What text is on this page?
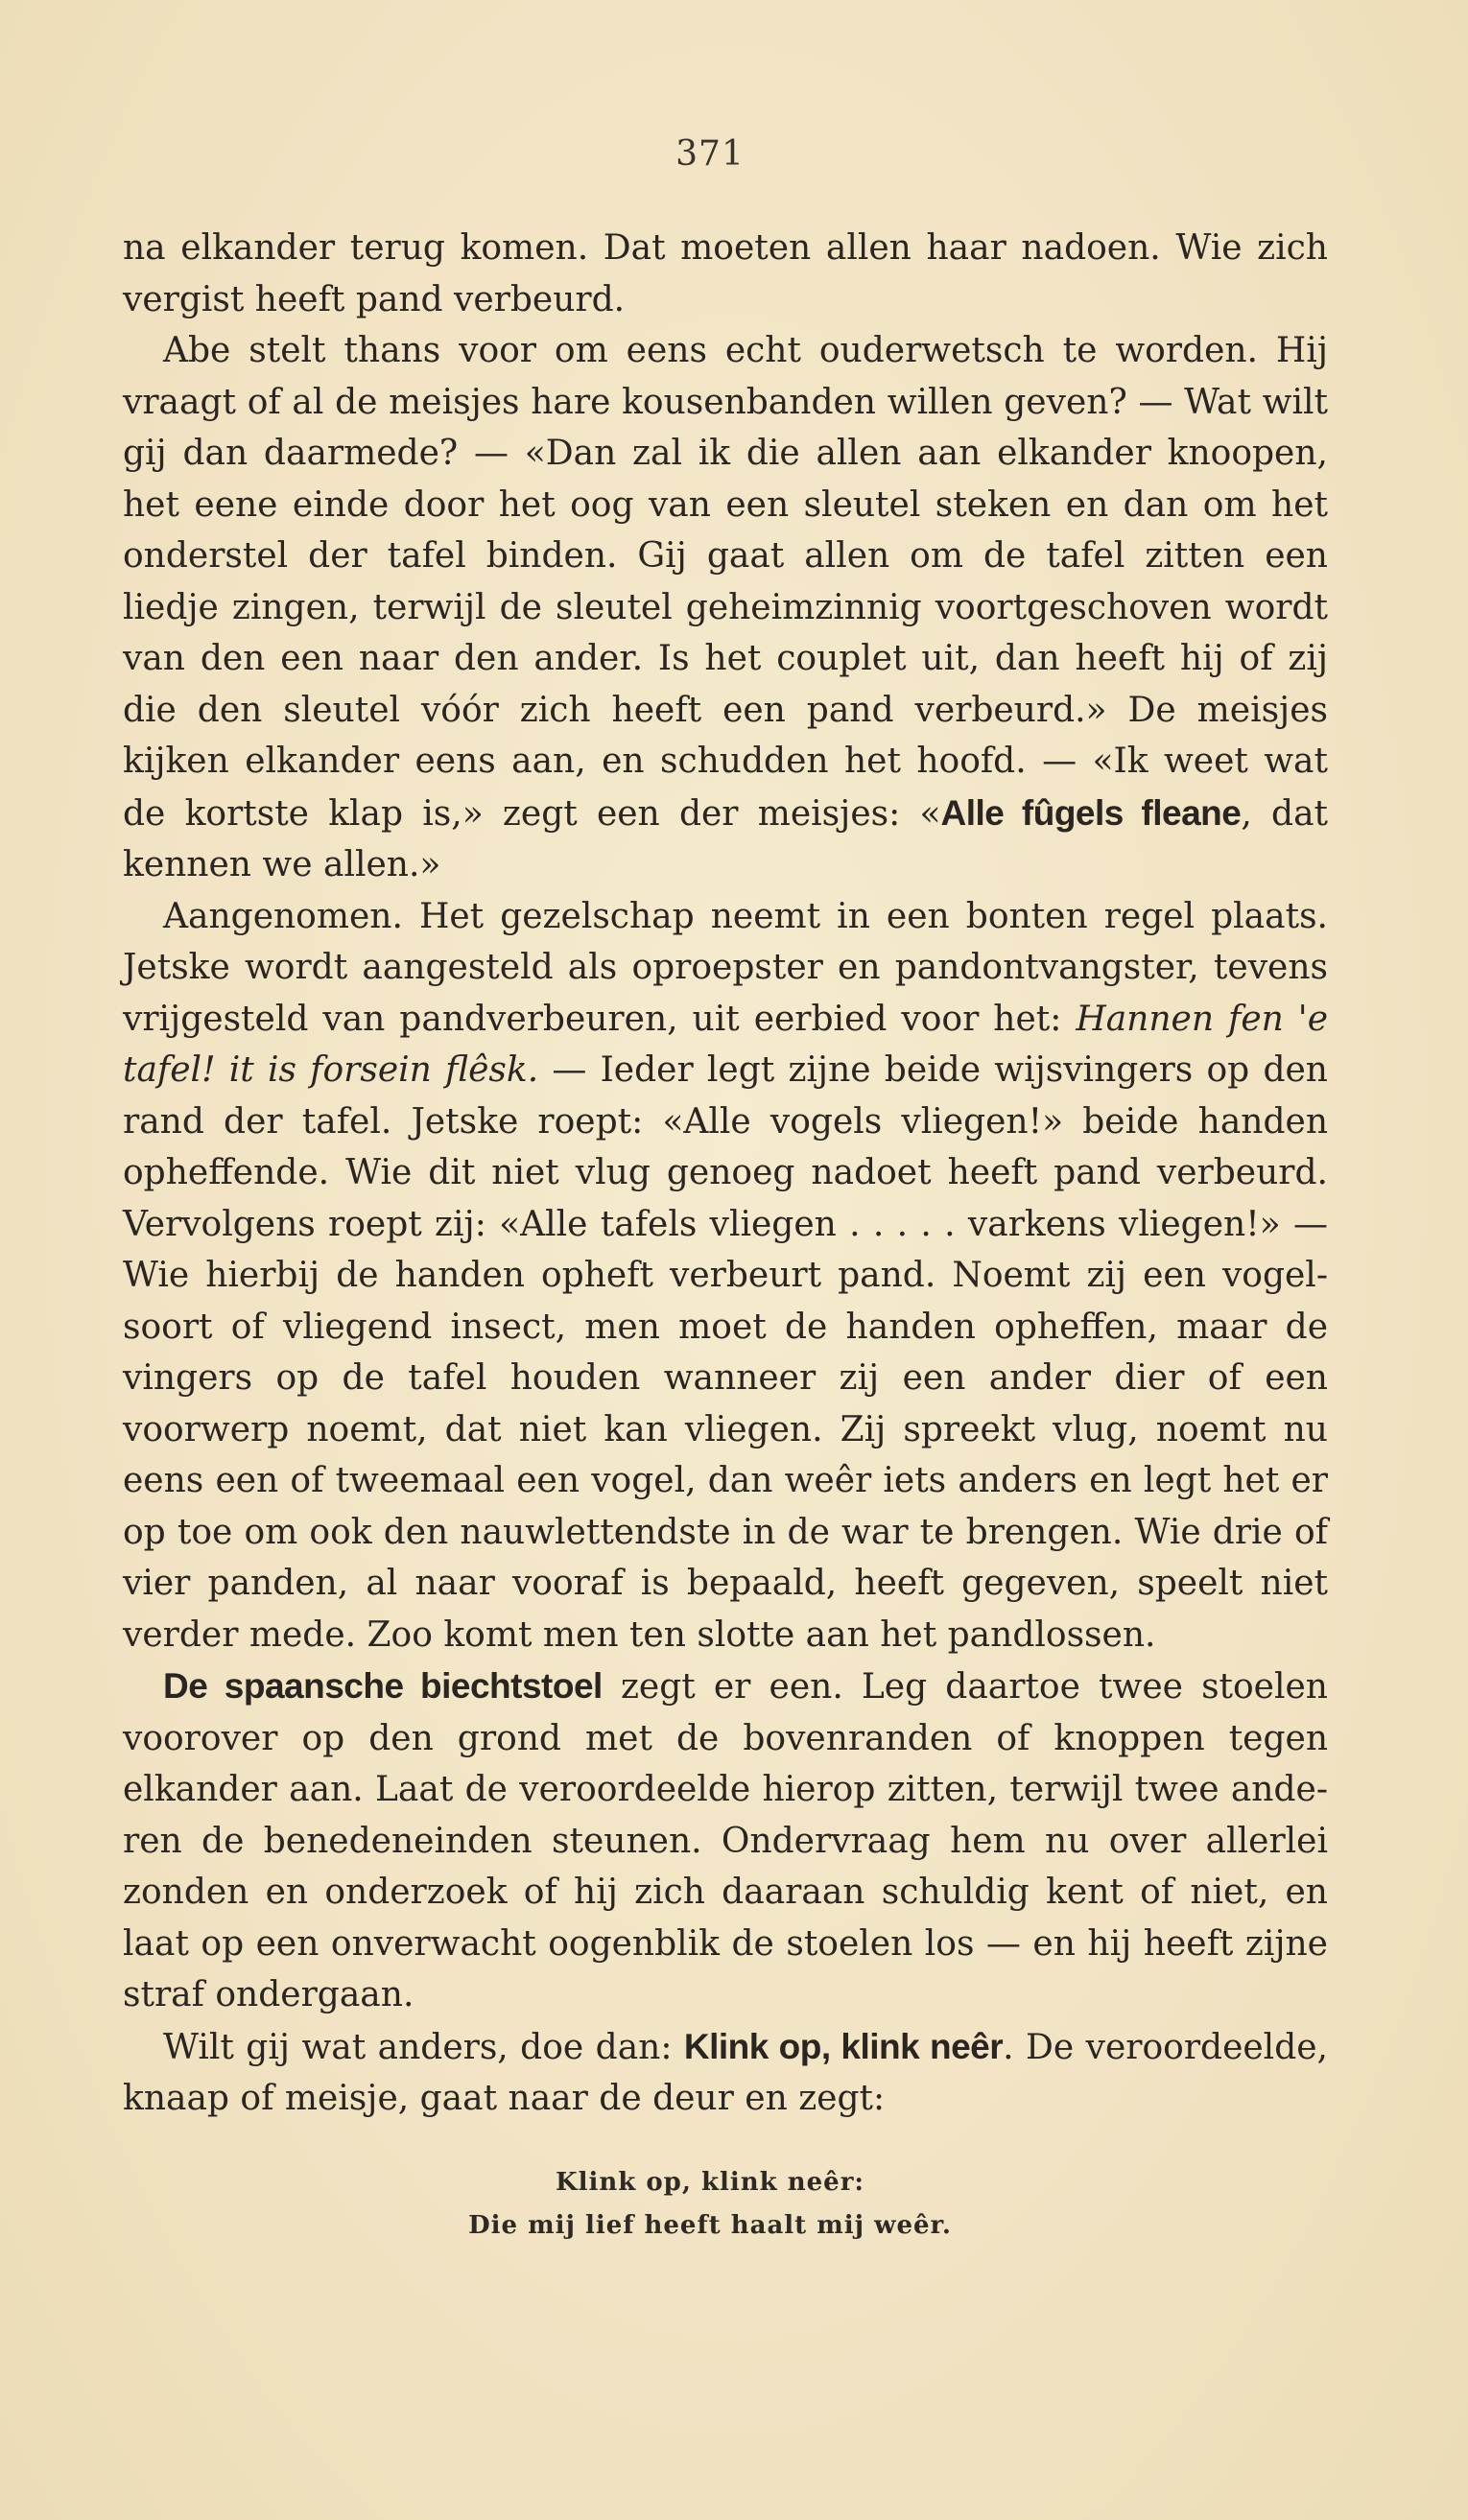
371

na elkander terug komen. Dat moeten allen haar nadoen. Wie zich vergist heeft pand verbeurd.

Abe stelt thans voor om eens echt ouderwetsch te worden. Hij vraagt of al de meisjes hare kousenbanden willen geven? — Wat wilt gij dan daarmede? — «Dan zal ik die allen aan elkander knoopen, het eene einde door het oog van een sleutel steken en dan om het onderstel der tafel binden. Gij gaat allen om de tafel zitten een liedje zingen, terwijl de sleutel geheimzinnig voortgeschoven wordt van den een naar den ander. Is het couplet uit, dan heeft hij of zij die den sleutel vóór zich heeft een pand verbeurd.» De meisjes kijken elkander eens aan, en schudden het hoofd. — «Ik weet wat de kortste klap is,» zegt een der meisjes: «Alle fûgels fleane, dat kennen we allen.»

Aangenomen. Het gezelschap neemt in een bonten regel plaats. Jetske wordt aangesteld als oproepster en pandontvangster, tevens vrijgesteld van pandverbeuren, uit eerbied voor het: Hannen fen 'e tafel! it is forsein flêsk. — Ieder legt zijne beide wijsvingers op den rand der tafel. Jetske roept: «Alle vogels vliegen!» beide handen opheffende. Wie dit niet vlug genoeg nadoet heeft pand verbeurd. Vervolgens roept zij: «Alle tafels vliegen . . . . . varkens vliegen!» — Wie hierbij de handen opheft verbeurt pand. Noemt zij een vogelsoort of vliegend insect, men moet de handen opheffen, maar de vingers op de tafel houden wanneer zij een ander dier of een voorwerp noemt, dat niet kan vliegen. Zij spreekt vlug, noemt nu eens een of tweemaal een vogel, dan weêr iets anders en legt het er op toe om ook den nauwlettendste in de war te brengen. Wie drie of vier panden, al naar vooraf is bepaald, heeft gegeven, speelt niet verder mede. Zoo komt men ten slotte aan het pandlossen.

De spaansche biechtstoel zegt er een. Leg daartoe twee stoelen voorover op den grond met de bovenranden of knoppen tegen elkander aan. Laat de veroordeelde hierop zitten, terwijl twee anderen de benedeneinden steunen. Ondervraag hem nu over allerlei zonden en onderzoek of hij zich daaraan schuldig kent of niet, en laat op een onverwacht oogenblik de stoelen los — en hij heeft zijne straf ondergaan.

Wilt gij wat anders, doe dan: Klink op, klink neêr. De veroordeelde, knaap of meisje, gaat naar de deur en zegt:

Klink op, klink neêr:
Die mij lief heeft haalt mij weêr.
